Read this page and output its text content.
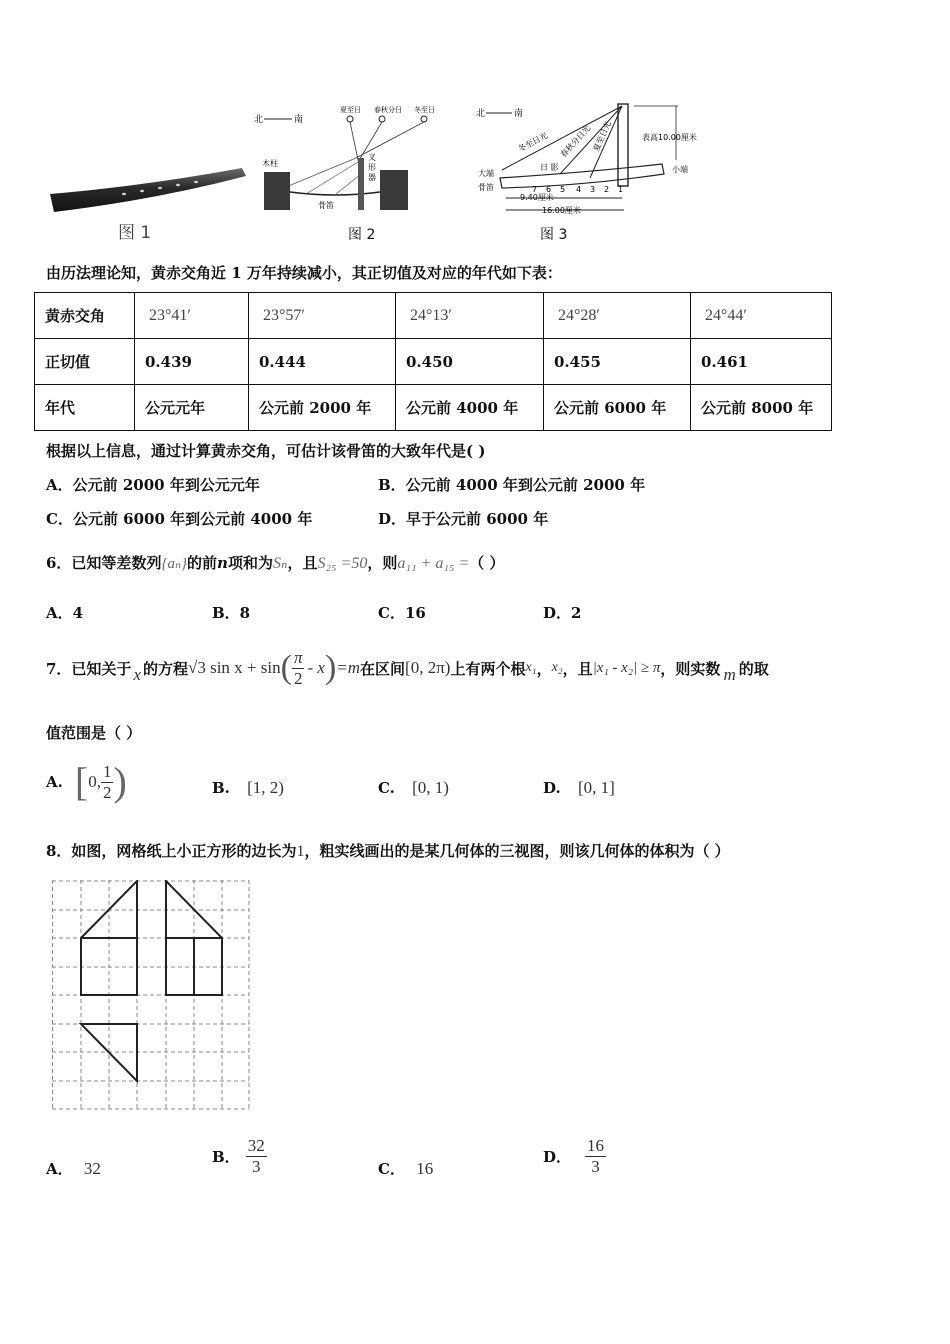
图 1
北	南
夏至日 春秋分日 冬至日
木柱
叉
形
器
骨笛
图 2
北	南
冬至日光 春秋分日光 夏至日光
日 影
大端	小端
骨笛	7 6 5 4 3 2 1
9.40厘米
16.00厘米
表高10.00厘米
图 3
由历法理论知，黄赤交角近 1 万年持续减小，其正切值及对应的年代如下表：
黄赤交角	23°41′	23°57′	24°13′	24°28′	24°44′
正切值	0.439	0.444	0.450	0.455	0.461
年代	公元元年	公元前 2000 年	公元前 4000 年	公元前 6000 年	公元前 8000 年
根据以上信息，通过计算黄赤交角，可估计该骨笛的大致年代是( )
A．公元前 2000 年到公元元年	B．公元前 4000 年到公元前 2000 年
C．公元前 6000 年到公元前 4000 年	D．早于公元前 6000 年
6．已知等差数列{aₙ}的前n项和为Sₙ，且S₂₅ =50，则a₁₁ + a₁₅ =（ ）
A．4	B．8	C．16	D．2
7．已知关于 x 的方程 √3 sin x + sin ( $\frac{\pi}{2}$ - x ) =m 在区间 [0, 2π) 上有两个根 x₁ ， x₂ ，且 |x₁ - x₂| ≥ π ，则实数 m 的取
值范围是（ ）
A. [ 0, $\frac{1}{2}$ )	B. [1, 2)	C. [0, 1)	D. [0, 1]
8．如图，网格纸上小正方形的边长为1，粗实线画出的是某几何体的三视图，则该几何体的体积为（ ）
A． 32
B． $\frac{32}{3}$	C． 16
D． $\frac{16}{3}$
